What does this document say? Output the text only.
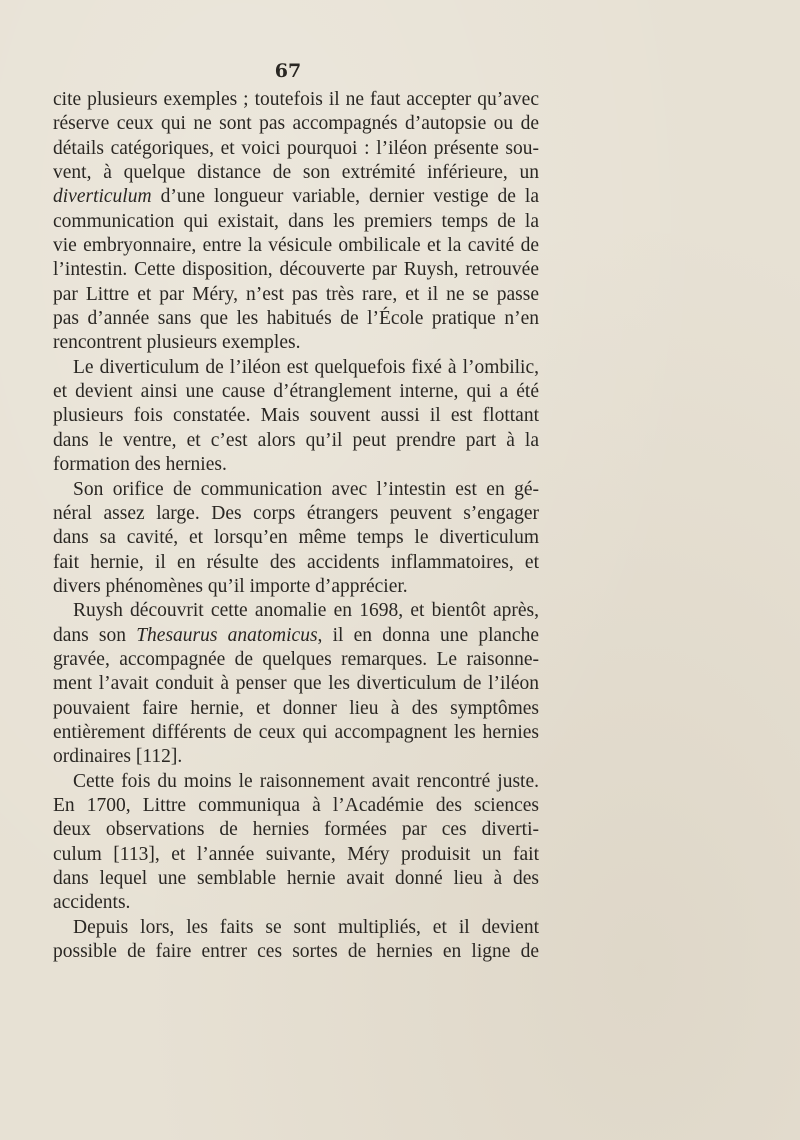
67
cite plusieurs exemples ; toutefois il ne faut accepter qu’avec
réserve ceux qui ne sont pas accompagnés d’autopsie ou de
détails catégoriques, et voici pourquoi : l’iléon présente sou-
vent, à quelque distance de son extrémité inférieure, un
diverticulum d’une longueur variable, dernier vestige de la
communication qui existait, dans les premiers temps de la
vie embryonnaire, entre la vésicule ombilicale et la cavité de
l’intestin. Cette disposition, découverte par Ruysh, retrouvée
par Littre et par Méry, n’est pas très rare, et il ne se passe
pas d’année sans que les habitués de l’École pratique n’en
rencontrent plusieurs exemples.
Le diverticulum de l’iléon est quelquefois fixé à l’ombilic,
et devient ainsi une cause d’étranglement interne, qui a été
plusieurs fois constatée. Mais souvent aussi il est flottant
dans le ventre, et c’est alors qu’il peut prendre part à la
formation des hernies.
Son orifice de communication avec l’intestin est en gé-
néral assez large. Des corps étrangers peuvent s’engager
dans sa cavité, et lorsqu’en même temps le diverticulum
fait hernie, il en résulte des accidents inflammatoires, et
divers phénomènes qu’il importe d’apprécier.
Ruysh découvrit cette anomalie en 1698, et bientôt après,
dans son Thesaurus anatomicus, il en donna une planche
gravée, accompagnée de quelques remarques. Le raisonne-
ment l’avait conduit à penser que les diverticulum de l’iléon
pouvaient faire hernie, et donner lieu à des symptômes
entièrement différents de ceux qui accompagnent les hernies
ordinaires [112].
Cette fois du moins le raisonnement avait rencontré juste.
En 1700, Littre communiqua à l’Académie des sciences
deux observations de hernies formées par ces diverti-
culum [113], et l’année suivante, Méry produisit un fait
dans lequel une semblable hernie avait donné lieu à des
accidents.
Depuis lors, les faits se sont multipliés, et il devient
possible de faire entrer ces sortes de hernies en ligne de
